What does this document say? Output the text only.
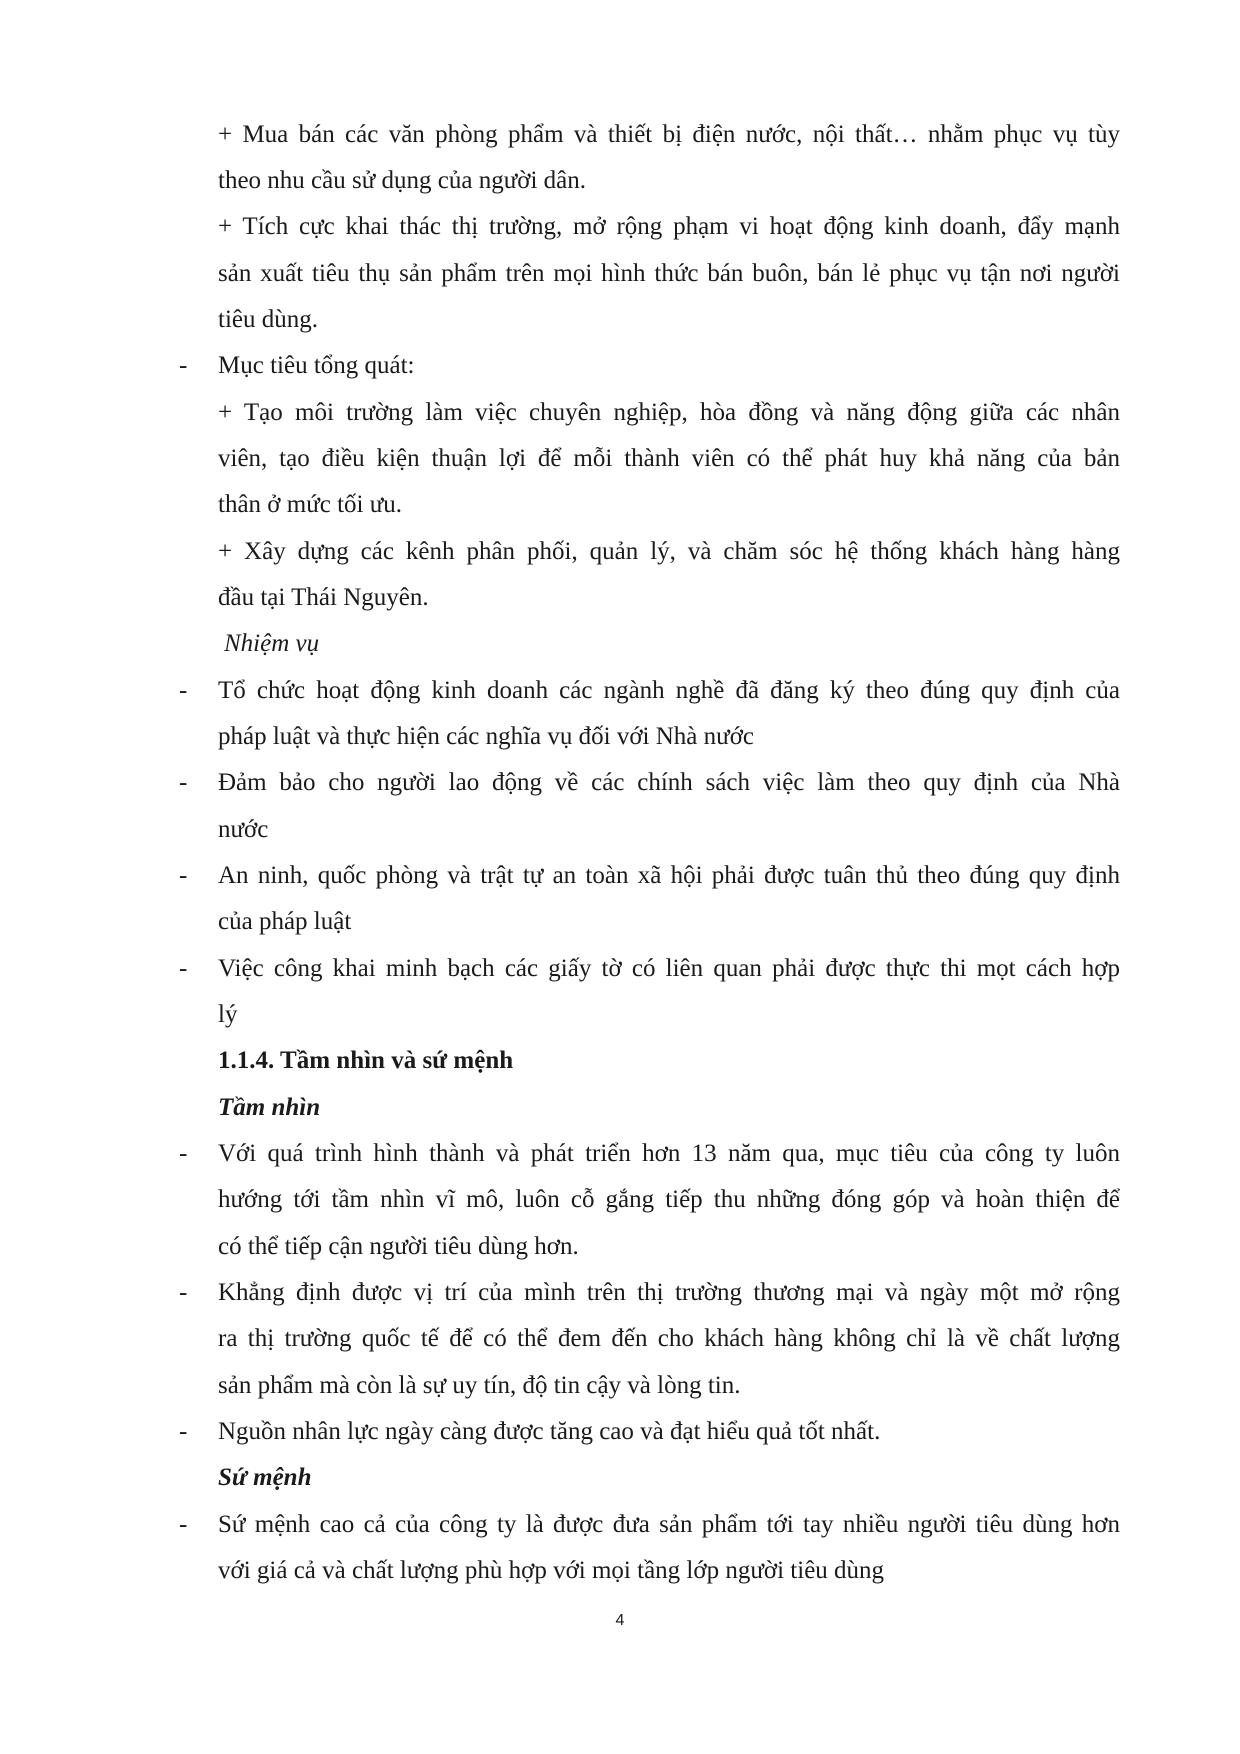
+ Mua bán các văn phòng phẩm và thiết bị điện nước, nội thất… nhằm phục vụ tùy
theo nhu cầu sử dụng của người dân.
+ Tích cực khai thác thị trường, mở rộng phạm vi hoạt động kinh doanh, đẩy mạnh
sản xuất tiêu thụ sản phẩm trên mọi hình thức bán buôn, bán lẻ phục vụ tận nơi người
tiêu dùng.
- Mục tiêu tổng quát:
+ Tạo môi trường làm việc chuyên nghiệp, hòa đồng và năng động giữa các nhân
viên, tạo điều kiện thuận lợi để mỗi thành viên có thể phát huy khả năng của bản
thân ở mức tối ưu.
+ Xây dựng các kênh phân phối, quản lý, và chăm sóc hệ thống khách hàng hàng
đầu tại Thái Nguyên.
Nhiệm vụ
- Tổ chức hoạt động kinh doanh các ngành nghề đã đăng ký theo đúng quy định của
pháp luật và thực hiện các nghĩa vụ đối với Nhà nước
- Đảm bảo cho người lao động về các chính sách việc làm theo quy định của Nhà
nước
- An ninh, quốc phòng và trật tự an toàn xã hội phải được tuân thủ theo đúng quy định
của pháp luật
- Việc công khai minh bạch các giấy tờ có liên quan phải được thực thi mọt cách hợp
lý
1.1.4. Tầm nhìn và sứ mệnh
Tầm nhìn
- Với quá trình hình thành và phát triển hơn 13 năm qua, mục tiêu của công ty luôn
hướng tới tầm nhìn vĩ mô, luôn cỗ gắng tiếp thu những đóng góp và hoàn thiện để
có thể tiếp cận người tiêu dùng hơn.
- Khẳng định được vị trí của mình trên thị trường thương mại và ngày một mở rộng
ra thị trường quốc tế để có thể đem đến cho khách hàng không chỉ là về chất lượng
sản phẩm mà còn là sự uy tín, độ tin cậy và lòng tin.
- Nguồn nhân lực ngày càng được tăng cao và đạt hiểu quả tốt nhất.
Sứ mệnh
- Sứ mệnh cao cả của công ty là được đưa sản phẩm tới tay nhiều người tiêu dùng hơn
với giá cả và chất lượng phù hợp với mọi tầng lớp người tiêu dùng
4
